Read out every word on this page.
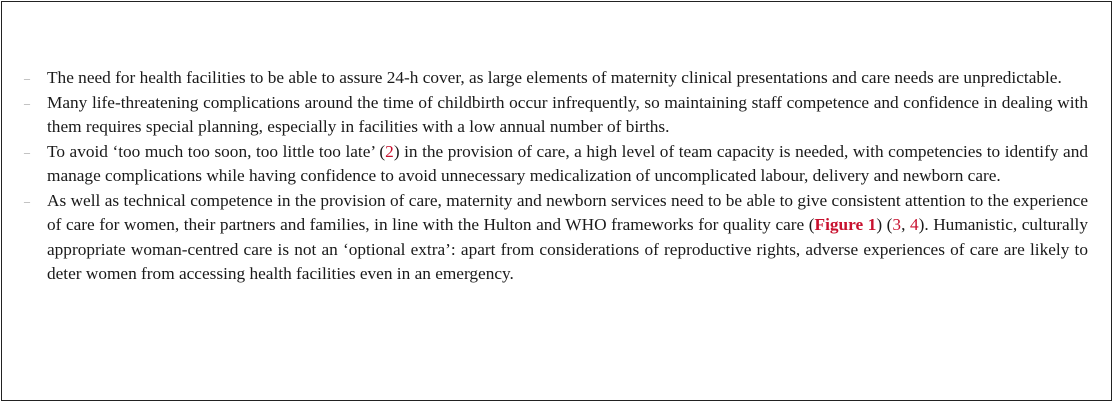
– The need for health facilities to be able to assure 24-h cover, as large elements of maternity clinical presentations and care needs are unpredictable.
– Many life-threatening complications around the time of childbirth occur infrequently, so maintaining staff competence and confidence in dealing with them requires special planning, especially in facilities with a low annual number of births.
– To avoid ‘too much too soon, too little too late’ (2) in the provision of care, a high level of team capacity is needed, with competencies to identify and manage complications while having confidence to avoid unnecessary medicalization of uncomplicated labour, delivery and newborn care.
– As well as technical competence in the provision of care, maternity and newborn services need to be able to give consistent attention to the experience of care for women, their partners and families, in line with the Hulton and WHO frameworks for quality care (Figure 1) (3, 4). Humanistic, culturally appropriate woman-centred care is not an ‘optional extra’: apart from considerations of reproductive rights, adverse experiences of care are likely to deter women from accessing health facilities even in an emergency.
